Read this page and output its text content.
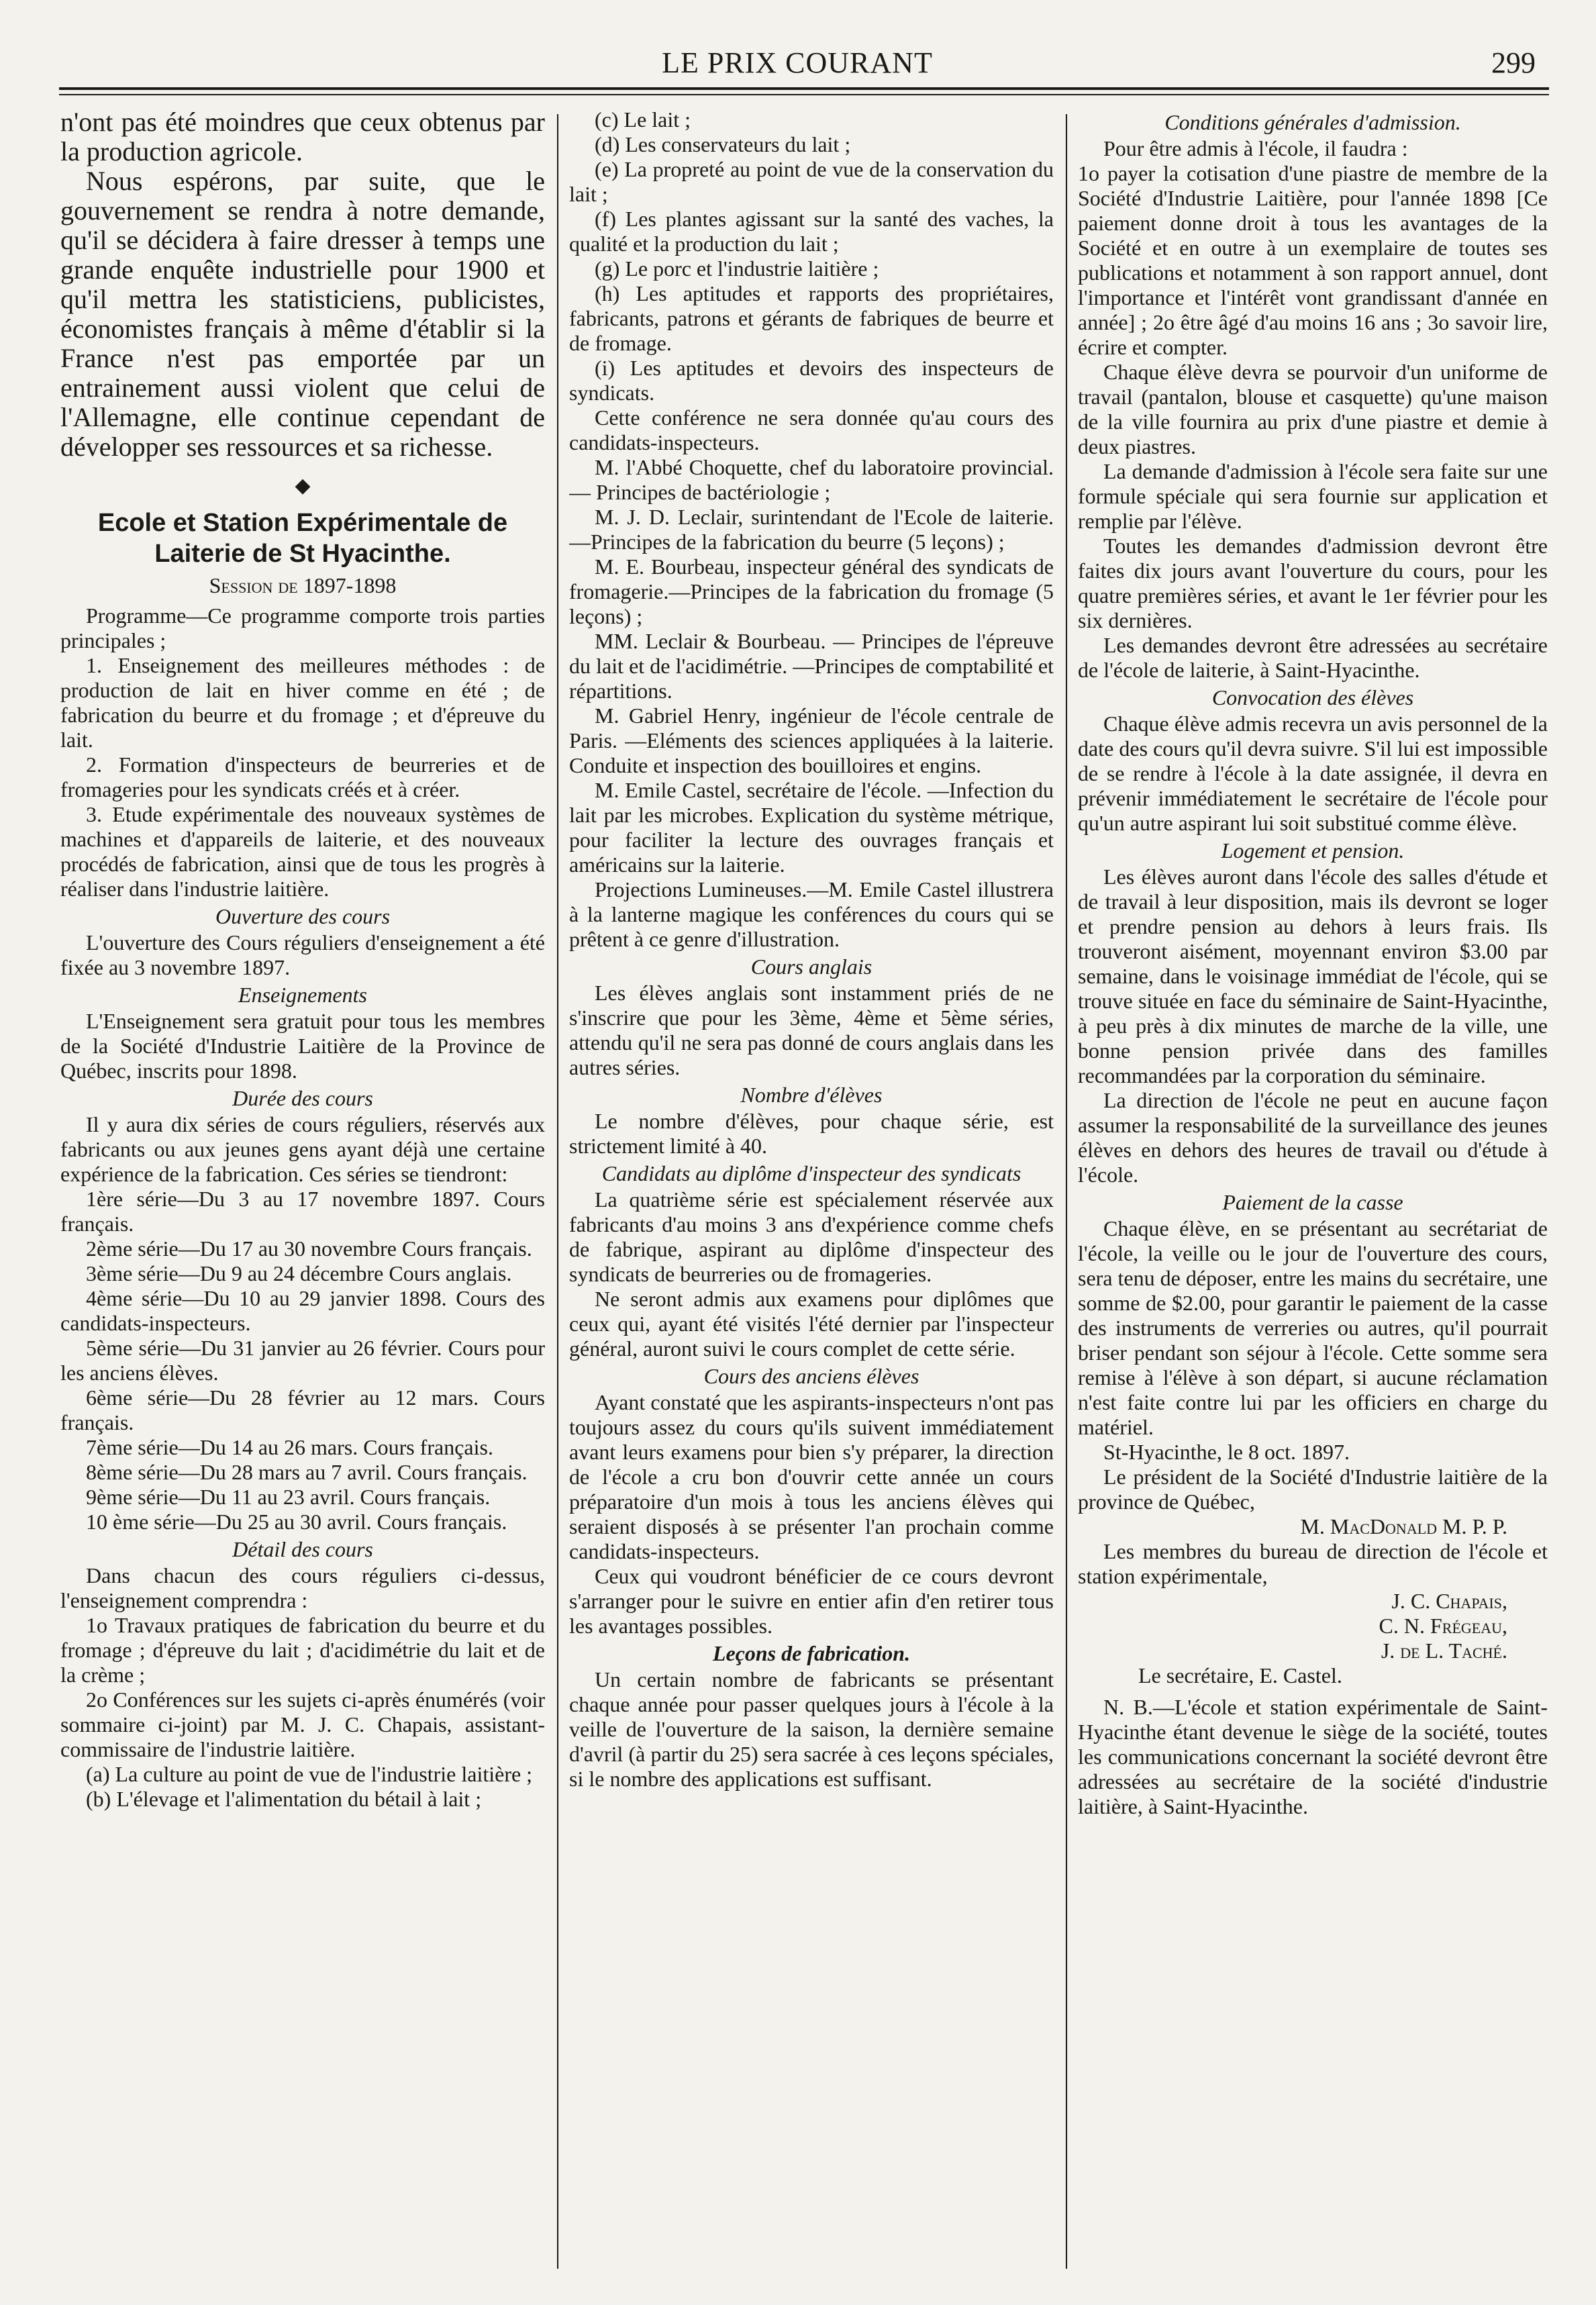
LE PRIX COURANT	299

n'ont pas été moindres que ceux obtenus par la production agricole.

Nous espérons, par suite, que le gouvernement se rendra à notre demande, qu'il se décidera à faire dresser à temps une grande enquête industrielle pour 1900 et qu'il mettra les statisticiens, publicistes, économistes français à même d'établir si la France n'est pas emportée par un entrainement aussi violent que celui de l'Allemagne, elle continue cependant de développer ses ressources et sa richesse.

◆
Ecole et Station Expérimentale de Laiterie de St Hyacinthe.
Session de 1897-1898

Programme—Ce programme comporte trois parties principales ;

1. Enseignement des meilleures méthodes : de production de lait en hiver comme en été ; de fabrication du beurre et du fromage ; et d'épreuve du lait.

2. Formation d'inspecteurs de beurreries et de fromageries pour les syndicats créés et à créer.

3. Etude expérimentale des nouveaux systèmes de machines et d'appareils de laiterie, et des nouveaux procédés de fabrication, ainsi que de tous les progrès à réaliser dans l'industrie laitière.

Ouverture des cours

L'ouverture des Cours réguliers d'enseignement a été fixée au 3 novembre 1897.

Enseignements

L'Enseignement sera gratuit pour tous les membres de la Société d'Industrie Laitière de la Province de Québec, inscrits pour 1898.

Durée des cours

Il y aura dix séries de cours réguliers, réservés aux fabricants ou aux jeunes gens ayant déjà une certaine expérience de la fabrication. Ces séries se tiendront:

1ère série—Du 3 au 17 novembre 1897. Cours français.

2ème série—Du 17 au 30 novembre Cours français.

3ème série—Du 9 au 24 décembre Cours anglais.

4ème série—Du 10 au 29 janvier 1898. Cours des candidats-inspecteurs.

5ème série—Du 31 janvier au 26 février. Cours pour les anciens élèves.

6ème série—Du 28 février au 12 mars. Cours français.

7ème série—Du 14 au 26 mars. Cours français.

8ème série—Du 28 mars au 7 avril. Cours français.

9ème série—Du 11 au 23 avril. Cours français.

10 ème série—Du 25 au 30 avril. Cours français.

Détail des cours

Dans chacun des cours réguliers ci-dessus, l'enseignement comprendra :

1o Travaux pratiques de fabrication du beurre et du fromage ; d'épreuve du lait ; d'acidimétrie du lait et de la crème ;

2o Conférences sur les sujets ci-après énumérés (voir sommaire ci-joint) par M. J. C. Chapais, assistant-commissaire de l'industrie laitière.

(a) La culture au point de vue de l'industrie laitière ;

(b) L'élevage et l'alimentation du bétail à lait ;

(c) Le lait ;

(d) Les conservateurs du lait ;

(e) La propreté au point de vue de la conservation du lait ;

(f) Les plantes agissant sur la santé des vaches, la qualité et la production du lait ;

(g) Le porc et l'industrie laitière ;

(h) Les aptitudes et rapports des propriétaires, fabricants, patrons et gérants de fabriques de beurre et de fromage.

(i) Les aptitudes et devoirs des inspecteurs de syndicats.

Cette conférence ne sera donnée qu'au cours des candidats-inspecteurs.

M. l'Abbé Choquette, chef du laboratoire provincial. — Principes de bactériologie ;

M. J. D. Leclair, surintendant de l'Ecole de laiterie.—Principes de la fabrication du beurre (5 leçons) ;

M. E. Bourbeau, inspecteur général des syndicats de fromagerie.—Principes de la fabrication du fromage (5 leçons) ;

MM. Leclair & Bourbeau. — Principes de l'épreuve du lait et de l'acidimétrie. —Principes de comptabilité et répartitions.

M. Gabriel Henry, ingénieur de l'école centrale de Paris. —Eléments des sciences appliquées à la laiterie. Conduite et inspection des bouilloires et engins.

M. Emile Castel, secrétaire de l'école. —Infection du lait par les microbes. Explication du système métrique, pour faciliter la lecture des ouvrages français et américains sur la laiterie.

Projections Lumineuses.—M. Emile Castel illustrera à la lanterne magique les conférences du cours qui se prêtent à ce genre d'illustration.

Cours anglais

Les élèves anglais sont instamment priés de ne s'inscrire que pour les 3ème, 4ème et 5ème séries, attendu qu'il ne sera pas donné de cours anglais dans les autres séries.

Nombre d'élèves

Le nombre d'élèves, pour chaque série, est strictement limité à 40.

Candidats au diplôme d'inspecteur des syndicats

La quatrième série est spécialement réservée aux fabricants d'au moins 3 ans d'expérience comme chefs de fabrique, aspirant au diplôme d'inspecteur des syndicats de beurreries ou de fromageries.

Ne seront admis aux examens pour diplômes que ceux qui, ayant été visités l'été dernier par l'inspecteur général, auront suivi le cours complet de cette série.

Cours des anciens élèves

Ayant constaté que les aspirants-inspecteurs n'ont pas toujours assez du cours qu'ils suivent immédiatement avant leurs examens pour bien s'y préparer, la direction de l'école a cru bon d'ouvrir cette année un cours préparatoire d'un mois à tous les anciens élèves qui seraient disposés à se présenter l'an prochain comme candidats-inspecteurs.

Ceux qui voudront bénéficier de ce cours devront s'arranger pour le suivre en entier afin d'en retirer tous les avantages possibles.

Leçons de fabrication.

Un certain nombre de fabricants se présentant chaque année pour passer quelques jours à l'école à la veille de l'ouverture de la saison, la dernière semaine d'avril (à partir du 25) sera sacrée à ces leçons spéciales, si le nombre des applications est suffisant.

Conditions générales d'admission.

Pour être admis à l'école, il faudra :

1o payer la cotisation d'une piastre de membre de la Société d'Industrie Laitière, pour l'année 1898 [Ce paiement donne droit à tous les avantages de la Société et en outre à un exemplaire de toutes ses publications et notamment à son rapport annuel, dont l'importance et l'intérêt vont grandissant d'année en année] ; 2o être âgé d'au moins 16 ans ; 3o savoir lire, écrire et compter.

Chaque élève devra se pourvoir d'un uniforme de travail (pantalon, blouse et casquette) qu'une maison de la ville fournira au prix d'une piastre et demie à deux piastres.

La demande d'admission à l'école sera faite sur une formule spéciale qui sera fournie sur application et remplie par l'élève.

Toutes les demandes d'admission devront être faites dix jours avant l'ouverture du cours, pour les quatre premières séries, et avant le 1er février pour les six dernières.

Les demandes devront être adressées au secrétaire de l'école de laiterie, à Saint-Hyacinthe.

Convocation des élèves

Chaque élève admis recevra un avis personnel de la date des cours qu'il devra suivre. S'il lui est impossible de se rendre à l'école à la date assignée, il devra en prévenir immédiatement le secrétaire de l'école pour qu'un autre aspirant lui soit substitué comme élève.

Logement et pension.

Les élèves auront dans l'école des salles d'étude et de travail à leur disposition, mais ils devront se loger et prendre pension au dehors à leurs frais. Ils trouveront aisément, moyennant environ $3.00 par semaine, dans le voisinage immédiat de l'école, qui se trouve située en face du séminaire de Saint-Hyacinthe, à peu près à dix minutes de marche de la ville, une bonne pension privée dans des familles recommandées par la corporation du séminaire.

La direction de l'école ne peut en aucune façon assumer la responsabilité de la surveillance des jeunes élèves en dehors des heures de travail ou d'étude à l'école.

Paiement de la casse

Chaque élève, en se présentant au secrétariat de l'école, la veille ou le jour de l'ouverture des cours, sera tenu de déposer, entre les mains du secrétaire, une somme de $2.00, pour garantir le paiement de la casse des instruments de verreries ou autres, qu'il pourrait briser pendant son séjour à l'école. Cette somme sera remise à l'élève à son départ, si aucune réclamation n'est faite contre lui par les officiers en charge du matériel.

St-Hyacinthe, le 8 oct. 1897.

Le président de la Société d'Industrie laitière de la province de Québec,

M. MacDonald M. P. P.

Les membres du bureau de direction de l'école et station expérimentale,

J. C. Chapais,

C. N. Frégeau,

J. de L. Taché.

Le secrétaire, E. Castel.

N. B.—L'école et station expérimentale de Saint-Hyacinthe étant devenue le siège de la société, toutes les communications concernant la société devront être adressées au secrétaire de la société d'industrie laitière, à Saint-Hyacinthe.
